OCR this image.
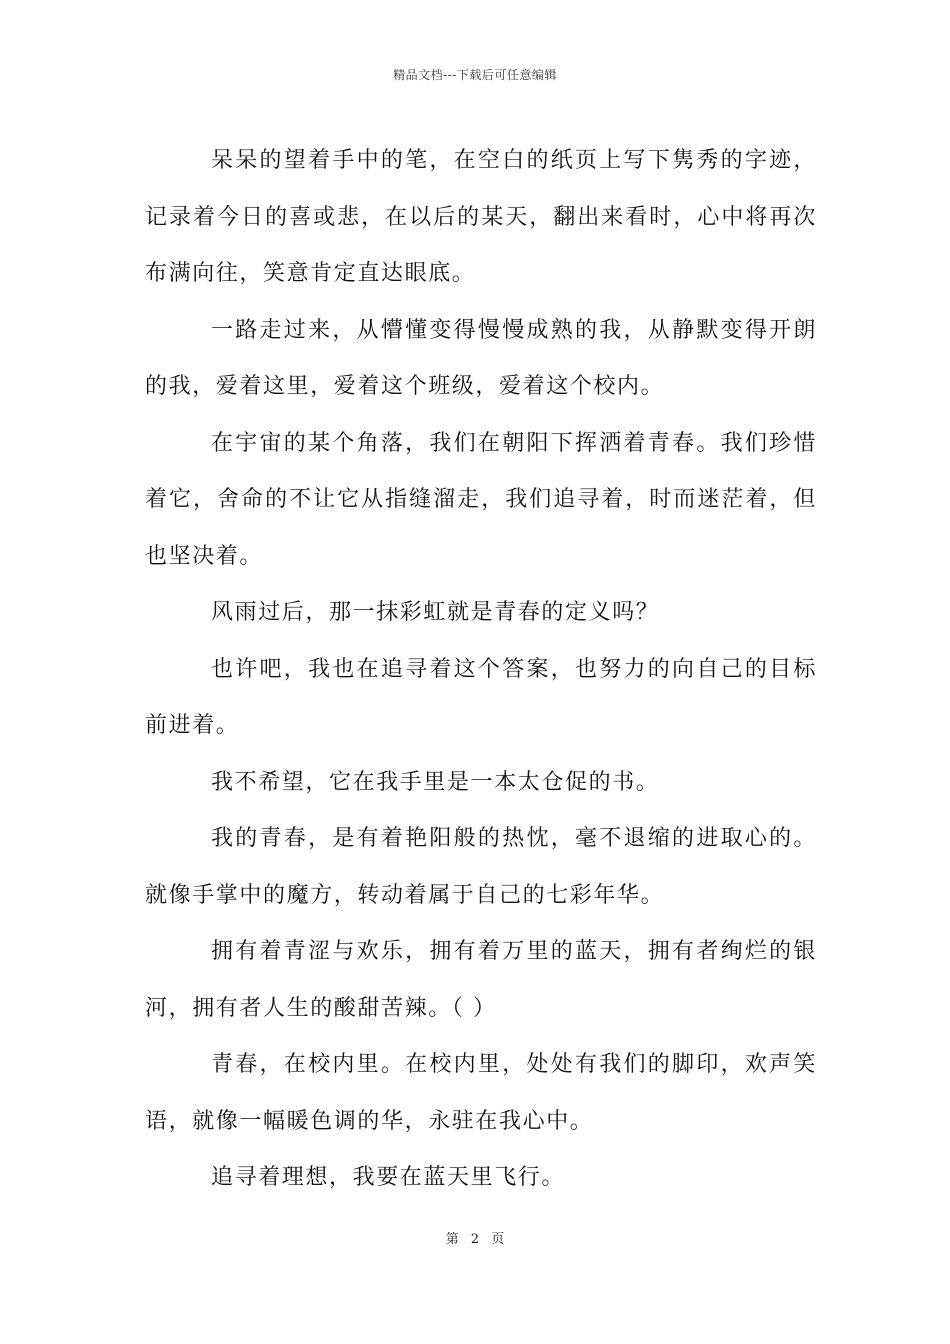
精品文档---下载后可任意编辑

呆呆的望着手中的笔，在空白的纸页上写下隽秀的字迹，记录着今日的喜或悲，在以后的某天，翻出来看时，心中将再次布满向往，笑意肯定直达眼底。

一路走过来，从懵懂变得慢慢成熟的我，从静默变得开朗的我，爱着这里，爱着这个班级，爱着这个校内。

在宇宙的某个角落，我们在朝阳下挥洒着青春。我们珍惜着它，舍命的不让它从指缝溜走，我们追寻着，时而迷茫着，但也坚决着。

风雨过后，那一抹彩虹就是青春的定义吗？

也许吧，我也在追寻着这个答案，也努力的向自己的目标前进着。

我不希望，它在我手里是一本太仓促的书。

我的青春，是有着艳阳般的热忱，毫不退缩的进取心的。就像手掌中的魔方，转动着属于自己的七彩年华。

拥有着青涩与欢乐，拥有着万里的蓝天，拥有者绚烂的银河，拥有者人生的酸甜苦辣。（ ）

青春，在校内里。在校内里，处处有我们的脚印，欢声笑语，就像一幅暖色调的华，永驻在我心中。

追寻着理想，我要在蓝天里飞行。

第 2 页
